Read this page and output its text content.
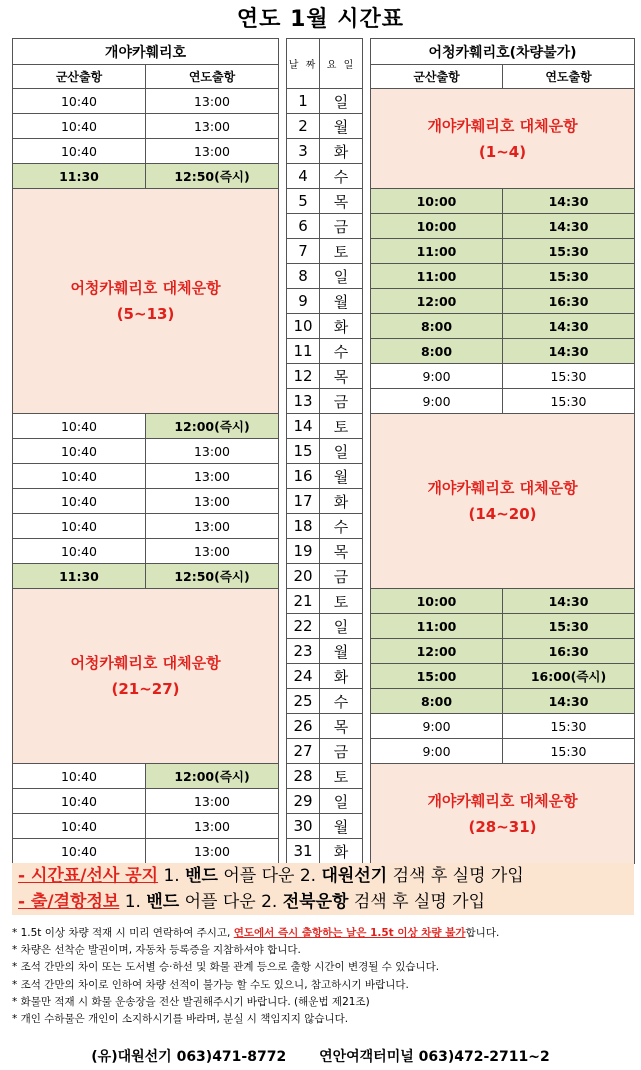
연도 1월 시간표
개야카훼리호			날 짜	요 일		어청카훼리호(차량불가)	
군산출항	연도출항					군산출항	연도출항
10:40	13:00		1	일		개야카훼리호 대체운항
(1~4)	

10:40	13:00		2	월			
10:40	13:00		3	화			
11:30	12:50(즉시)		4	수			

어청카훼리호 대체운항
(5~13)			5	목		10:00	14:30
			6	금		10:00	14:30
			7	토		11:00	15:30
			8	일		11:00	15:30
			9	월		12:00	16:30
			10	화		8:00	14:30
			11	수		8:00	14:30
			12	목		9:00	15:30
			13	금		9:00	15:30
10:40	12:00(즉시)		14	토		개야카훼리호 대체운항
(14~20)	

10:40	13:00		15	일			
10:40	13:00		16	월			
10:40	13:00		17	화			
10:40	13:00		18	수			
10:40	13:00		19	목			
11:30	12:50(즉시)		20	금			

어청카훼리호 대체운항
(21~27)			21	토		10:00	14:30
			22	일		11:00	15:30
			23	월		12:00	16:30
			24	화		15:00	16:00(즉시)
			25	수		8:00	14:30
			26	목		9:00	15:30
			27	금		9:00	15:30
10:40	12:00(즉시)		28	토		개야카훼리호 대체운항
(28~31)	

10:40	13:00		29	일			
10:40	13:00		30	월			
10:40	13:00		31	화			
- 시간표/선사 공지 1. 밴드 어플 다운 2. 대원선기 검색 후 실명 가입
- 출/결항정보 1. 밴드 어플 다운 2. 전북운항 검색 후 실명 가입
* 1.5t 이상 차량 적재 시 미리 연락하여 주시고, 연도에서 즉시 출항하는 날은 1.5t 이상 차량 불가합니다.
* 차량은 선착순 발권이며, 자동차 등록증을 지참하셔야 합니다.
* 조석 간만의 차이 또는 도서별 승·하선 및 화물 관계 등으로 출항 시간이 변경될 수 있습니다.
* 조석 간만의 차이로 인하여 차량 선적이 불가능 할 수도 있으니, 참고하시기 바랍니다.
* 화물만 적재 시 화물 운송장을 전산 발권해주시기 바랍니다. (해운법 제21조)
* 개인 수하물은 개인이 소지하시기를 바라며, 분실 시 책임지지 않습니다.
(유)대원선기 063)471-8772 연안여객터미널 063)472-2711~2
